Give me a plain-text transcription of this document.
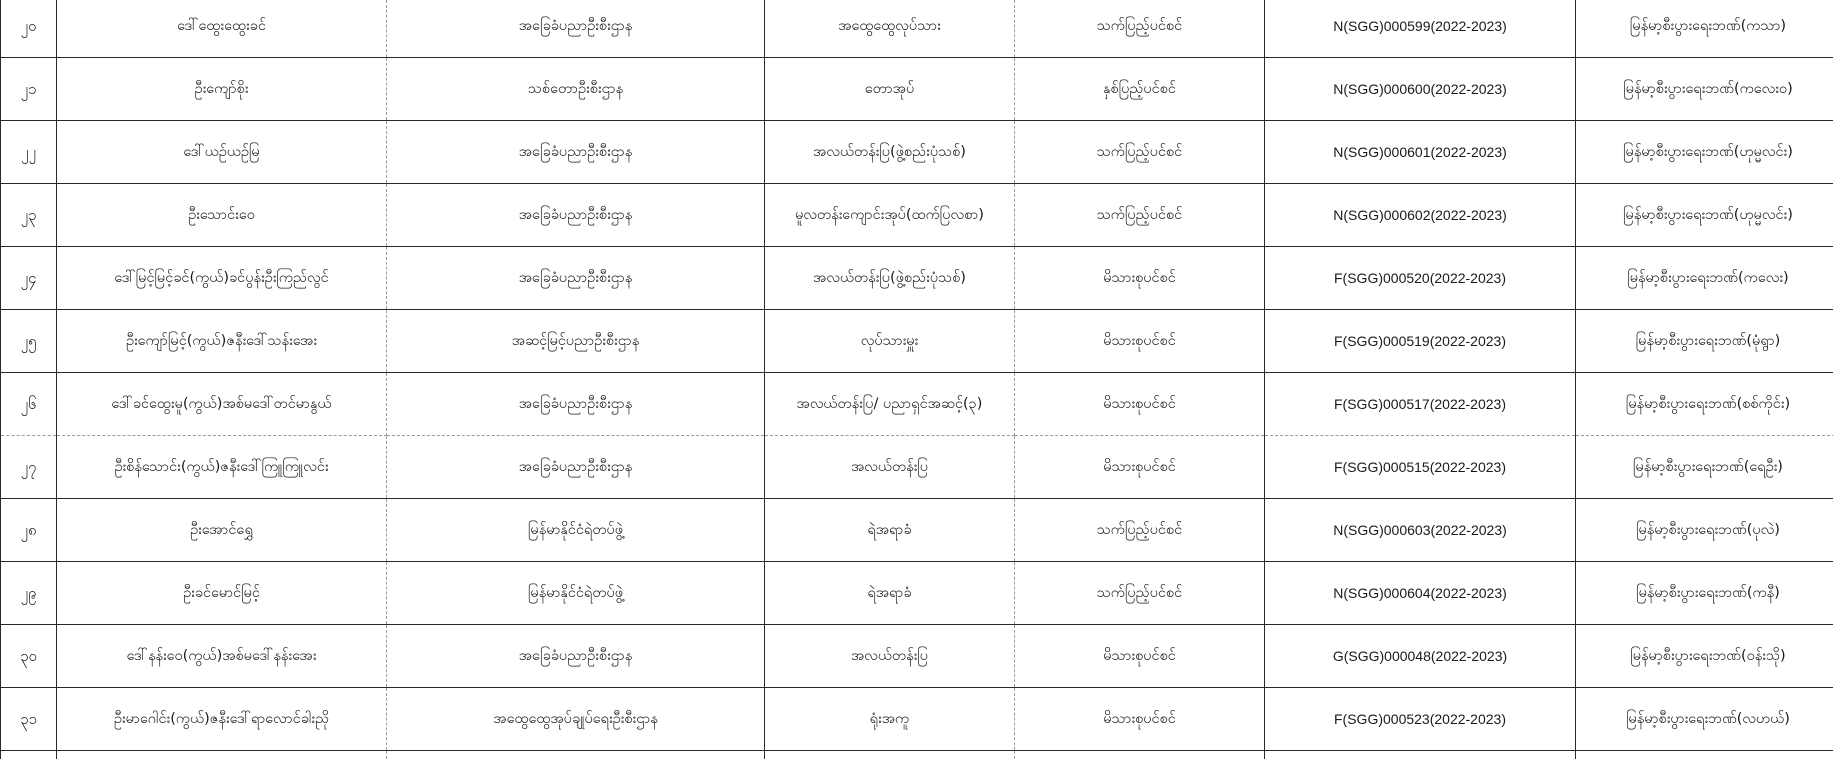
၂၀	ဒေါ်ထွေးထွေးခင်	အခြေခံပညာဦးစီးဌာန	အထွေထွေလုပ်သား	သက်ပြည့်ပင်စင်	N(SGG)000599(2022-2023)	မြန်မာ့စီးပွားရေးဘဏ်(ကသာ)
၂၁	ဦးကျော်စိုး	သစ်တောဦးစီးဌာန	တောအုပ်	နှစ်ပြည့်ပင်စင်	N(SGG)000600(2022-2023)	မြန်မာ့စီးပွားရေးဘဏ်(ကလေးဝ)
၂၂	ဒေါ်ယဉ်ယဉ်မြ	အခြေခံပညာဦးစီးဌာန	အလယ်တန်းပြ(ဖွဲ့စည်းပုံသစ်)	သက်ပြည့်ပင်စင်	N(SGG)000601(2022-2023)	မြန်မာ့စီးပွားရေးဘဏ်(ဟုမ္မလင်း)
၂၃	ဦးသောင်းဝေ	အခြေခံပညာဦးစီးဌာန	မူလတန်းကျောင်းအုပ်(ထက်ပြလစာ)	သက်ပြည့်ပင်စင်	N(SGG)000602(2022-2023)	မြန်မာ့စီးပွားရေးဘဏ်(ဟုမ္မလင်း)
၂၄	ဒေါ်မြင့်မြင့်ခင်(ကွယ်)ခင်ပွန်းဦးကြည်လွင်	အခြေခံပညာဦးစီးဌာန	အလယ်တန်းပြ(ဖွဲ့စည်းပုံသစ်)	မိသားစုပင်စင်	F(SGG)000520(2022-2023)	မြန်မာ့စီးပွားရေးဘဏ်(ကလေး)
၂၅	ဦးကျော်မြင့်(ကွယ်)ဇနီးဒေါ်သန်းအေး	အဆင့်မြင့်ပညာဦးစီးဌာန	လုပ်သားမှူး	မိသားစုပင်စင်	F(SGG)000519(2022-2023)	မြန်မာ့စီးပွားရေးဘဏ်(မုံရွာ)
၂၆	ဒေါ်ခင်ထွေးမူ(ကွယ်)အစ်မဒေါ်တင်မာနွယ်	အခြေခံပညာဦးစီးဌာန	အလယ်တန်းပြ/ ပညာရှင်အဆင့်(၃)	မိသားစုပင်စင်	F(SGG)000517(2022-2023)	မြန်မာ့စီးပွားရေးဘဏ်(စစ်ကိုင်း)
၂၇	ဦးစိန်သောင်း(ကွယ်)ဇနီးဒေါ်ကြူကြူလင်း	အခြေခံပညာဦးစီးဌာန	အလယ်တန်းပြ	မိသားစုပင်စင်	F(SGG)000515(2022-2023)	မြန်မာ့စီးပွားရေးဘဏ်(ရေဦး)
၂၈	ဦးအောင်ရွှေ	မြန်မာနိုင်ငံရဲတပ်ဖွဲ့	ရဲအရာခံ	သက်ပြည့်ပင်စင်	N(SGG)000603(2022-2023)	မြန်မာ့စီးပွားရေးဘဏ်(ပုလဲ)
၂၉	ဦးခင်မောင်မြင့်	မြန်မာနိုင်ငံရဲတပ်ဖွဲ့	ရဲအရာခံ	သက်ပြည့်ပင်စင်	N(SGG)000604(2022-2023)	မြန်မာ့စီးပွားရေးဘဏ်(ကနီ)
၃၀	ဒေါ်နန်းဝေ(ကွယ်)အစ်မဒေါ်နန်းအေး	အခြေခံပညာဦးစီးဌာန	အလယ်တန်းပြ	မိသားစုပင်စင်	G(SGG)000048(2022-2023)	မြန်မာ့စီးပွားရေးဘဏ်(ဝန်းသို)
၃၁	ဦးမာဂေါင်း(ကွယ်)ဇနီးဒေါ်ရာလောင်ခါးညို	အထွေထွေအုပ်ချုပ်ရေးဦးစီးဌာန	ရုံးအကူ	မိသားစုပင်စင်	F(SGG)000523(2022-2023)	မြန်မာ့စီးပွားရေးဘဏ်(လဟယ်)
